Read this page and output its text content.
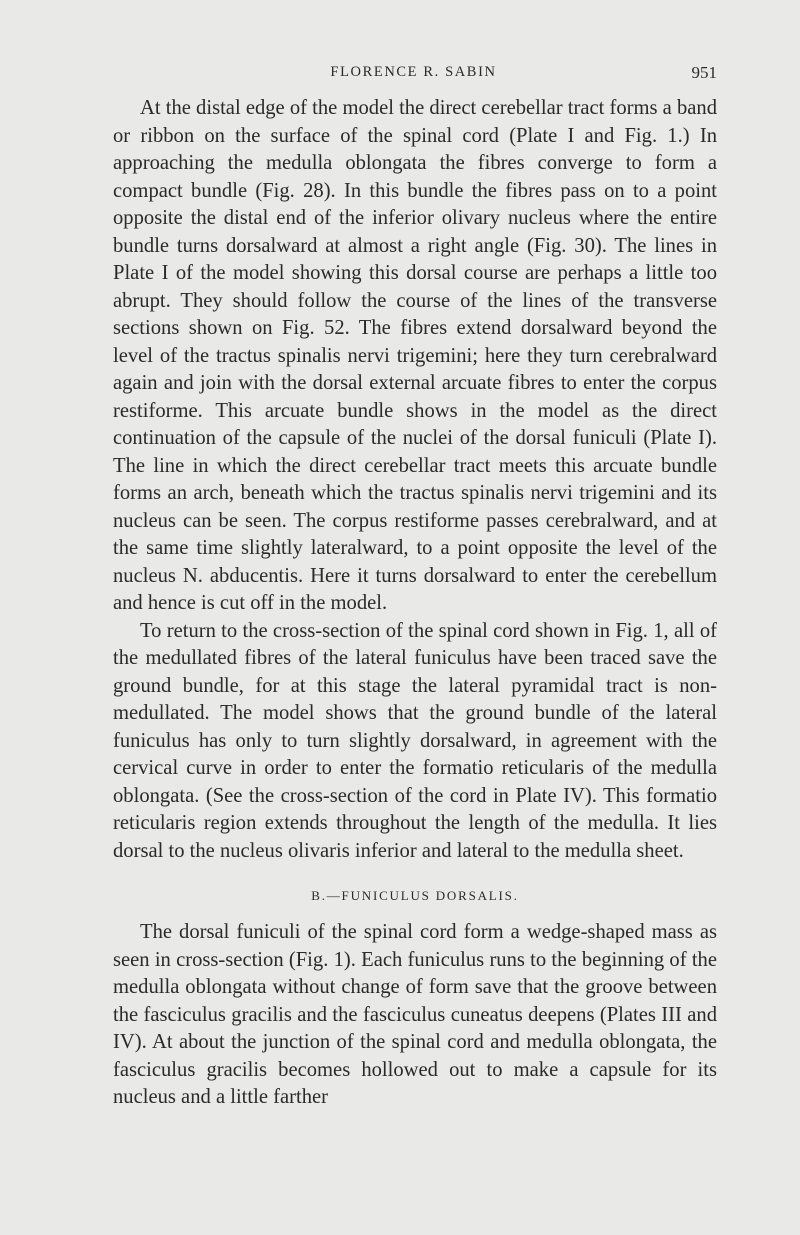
FLORENCE R. SABIN	951

At the distal edge of the model the direct cerebellar tract forms a band or ribbon on the surface of the spinal cord (Plate I and Fig. 1.) In approaching the medulla oblongata the fibres converge to form a compact bundle (Fig. 28). In this bundle the fibres pass on to a point opposite the distal end of the inferior olivary nucleus where the entire bundle turns dorsalward at almost a right angle (Fig. 30). The lines in Plate I of the model showing this dorsal course are perhaps a little too abrupt. They should follow the course of the lines of the transverse sections shown on Fig. 52. The fibres extend dorsalward beyond the level of the tractus spinalis nervi trigemini; here they turn cerebralward again and join with the dorsal external arcuate fibres to enter the corpus restiforme. This arcuate bundle shows in the model as the direct continuation of the capsule of the nuclei of the dorsal funiculi (Plate I). The line in which the direct cerebellar tract meets this arcuate bundle forms an arch, beneath which the tractus spinalis nervi trigemini and its nucleus can be seen. The corpus restiforme passes cerebralward, and at the same time slightly lateralward, to a point opposite the level of the nucleus N. abducentis. Here it turns dorsalward to enter the cerebellum and hence is cut off in the model.

To return to the cross-section of the spinal cord shown in Fig. 1, all of the medullated fibres of the lateral funiculus have been traced save the ground bundle, for at this stage the lateral pyramidal tract is non-medullated. The model shows that the ground bundle of the lateral funiculus has only to turn slightly dorsalward, in agreement with the cervical curve in order to enter the formatio reticularis of the medulla oblongata. (See the cross-section of the cord in Plate IV). This formatio reticularis region extends throughout the length of the medulla. It lies dorsal to the nucleus olivaris inferior and lateral to the medulla sheet.

B.—FUNICULUS DORSALIS.

The dorsal funiculi of the spinal cord form a wedge-shaped mass as seen in cross-section (Fig. 1). Each funiculus runs to the beginning of the medulla oblongata without change of form save that the groove between the fasciculus gracilis and the fasciculus cuneatus deepens (Plates III and IV). At about the junction of the spinal cord and medulla oblongata, the fasciculus gracilis becomes hollowed out to make a capsule for its nucleus and a little farther
